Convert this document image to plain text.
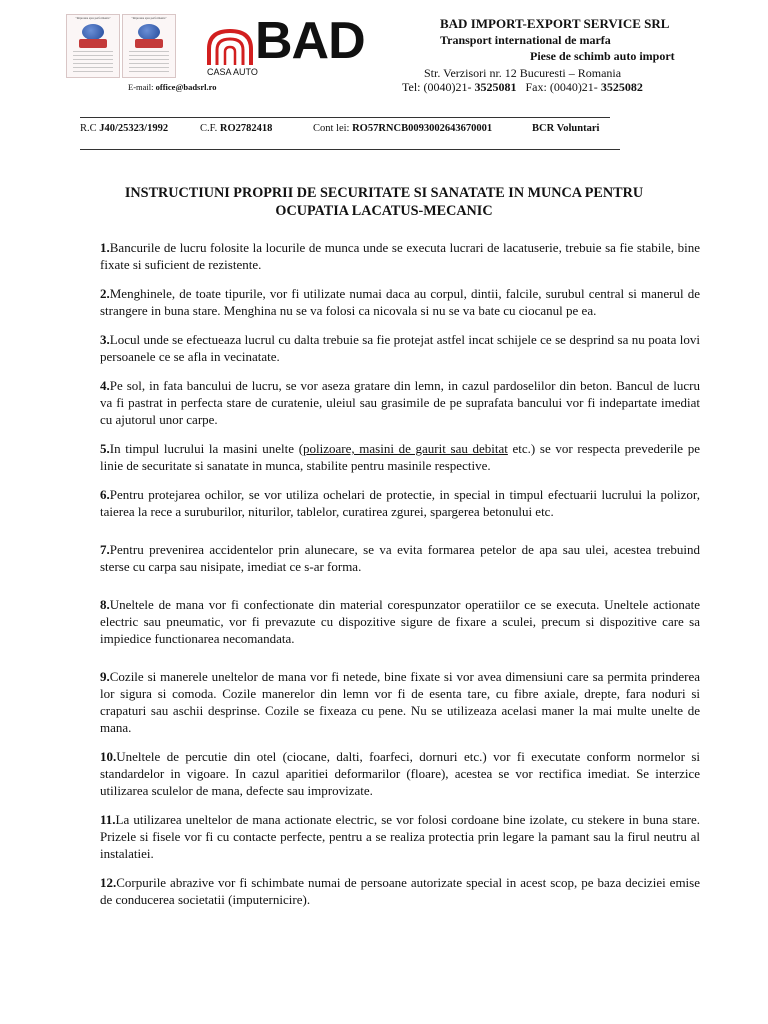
"Impreuna spre performanta"	"Impreuna spre performanta"
E-mail: office@badsrl.ro
BAD
CASA AUTO
BAD IMPORT-EXPORT SERVICE SRL
Transport international de marfa
Piese de schimb auto import
Str. Verzisori nr. 12 Bucuresti – Romania
Tel: (0040)21- 3525081 Fax: (0040)21- 3525082
R.C J40/25323/1992	C.F. RO2782418	Cont lei: RO57RNCB0093002643670001	BCR Voluntari
INSTRUCTIUNI PROPRII DE SECURITATE SI SANATATE IN MUNCA PENTRU OCUPATIA LACATUS-MECANIC

1.Bancurile de lucru folosite la locurile de munca unde se executa lucrari de lacatuserie, trebuie sa fie stabile, bine fixate si suficient de rezistente.

2.Menghinele, de toate tipurile, vor fi utilizate numai daca au corpul, dintii, falcile, surubul central si manerul de strangere in buna stare. Menghina nu se va folosi ca nicovala si nu se va bate cu ciocanul pe ea.

3.Locul unde se efectueaza lucrul cu dalta trebuie sa fie protejat astfel incat schijele ce se desprind sa nu poata lovi persoanele ce se afla in vecinatate.

4.Pe sol, in fata bancului de lucru, se vor aseza gratare din lemn, in cazul pardoselilor din beton. Bancul de lucru va fi pastrat in perfecta stare de curatenie, uleiul sau grasimile de pe suprafata bancului vor fi indepartate imediat cu ajutorul unor carpe.

5.In timpul lucrului la masini unelte (polizoare, masini de gaurit sau debitat etc.) se vor respecta prevederile pe linie de securitate si sanatate in munca, stabilite pentru masinile respective.

6.Pentru protejarea ochilor, se vor utiliza ochelari de protectie, in special in timpul efectuarii lucrului la polizor, taierea la rece a suruburilor, niturilor, tablelor, curatirea zgurei, spargerea betonului etc.

7.Pentru prevenirea accidentelor prin alunecare, se va evita formarea petelor de apa sau ulei, acestea trebuind sterse cu carpa sau nisipate, imediat ce s-ar forma.

8.Uneltele de mana vor fi confectionate din material corespunzator operatiilor ce se executa. Uneltele actionate electric sau pneumatic, vor fi prevazute cu dispozitive sigure de fixare a sculei, precum si dispozitive care sa impiedice functionarea necomandata.

9.Cozile si manerele uneltelor de mana vor fi netede, bine fixate si vor avea dimensiuni care sa permita prinderea lor sigura si comoda. Cozile manerelor din lemn vor fi de esenta tare, cu fibre axiale, drepte, fara noduri si crapaturi sau aschii desprinse. Cozile se fixeaza cu pene. Nu se utilizeaza acelasi maner la mai multe unelte de mana.

10.Uneltele de percutie din otel (ciocane, dalti, foarfeci, dornuri etc.) vor fi executate conform normelor si standardelor in vigoare. In cazul aparitiei deformarilor (floare), acestea se vor rectifica imediat. Se interzice utilizarea sculelor de mana, defecte sau improvizate.

11.La utilizarea uneltelor de mana actionate electric, se vor folosi cordoane bine izolate, cu stekere in buna stare. Prizele si fisele vor fi cu contacte perfecte, pentru a se realiza protectia prin legare la pamant sau la firul neutru al instalatiei.

12.Corpurile abrazive vor fi schimbate numai de persoane autorizate special in acest scop, pe baza deciziei emise de conducerea societatii (imputernicire).
